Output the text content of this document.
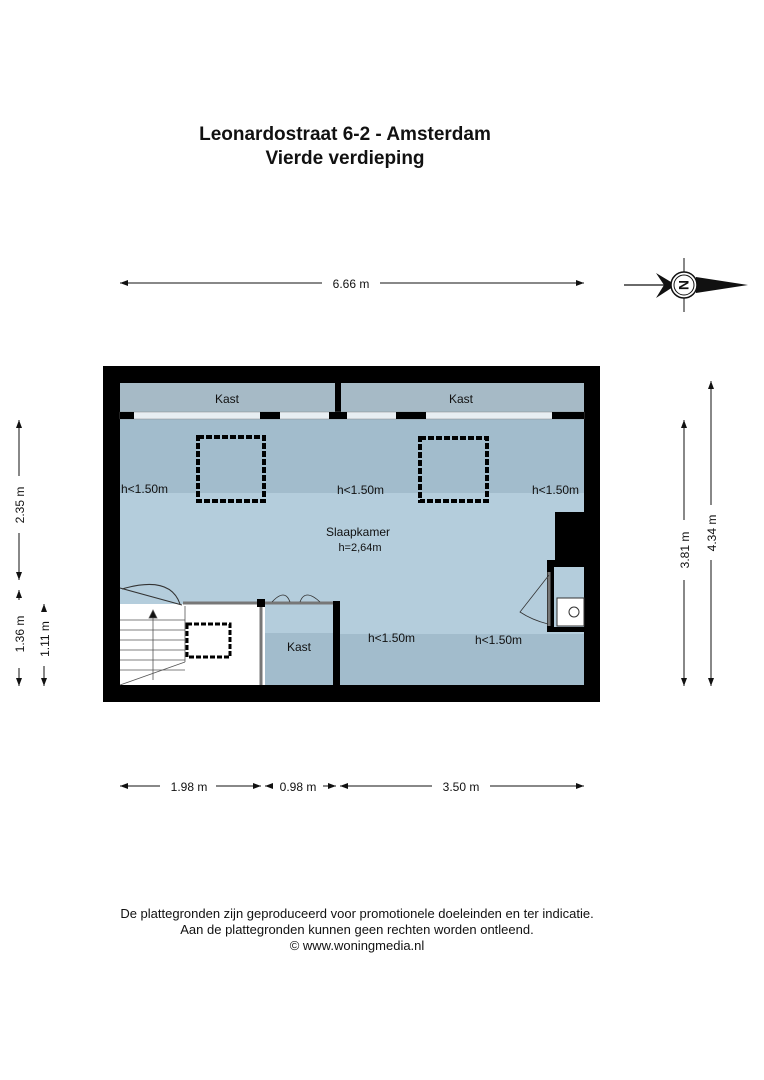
Leonardostraat 6-2 - Amsterdam
Vierde verdieping
6.66 m	N
Kast	Kast
Kast
Slaapkamer
h=2,64m
h<1.50m	h<1.50m	h<1.50m
h<1.50m	h<1.50m
2.35 m
1.36 m 1.11 m
3.81 m 4.34 m
1.98 m	0.98 m	3.50 m
De plattegronden zijn geproduceerd voor promotionele doeleinden en ter indicatie.
Aan de plattegronden kunnen geen rechten worden ontleend.
© www.woningmedia.nl
